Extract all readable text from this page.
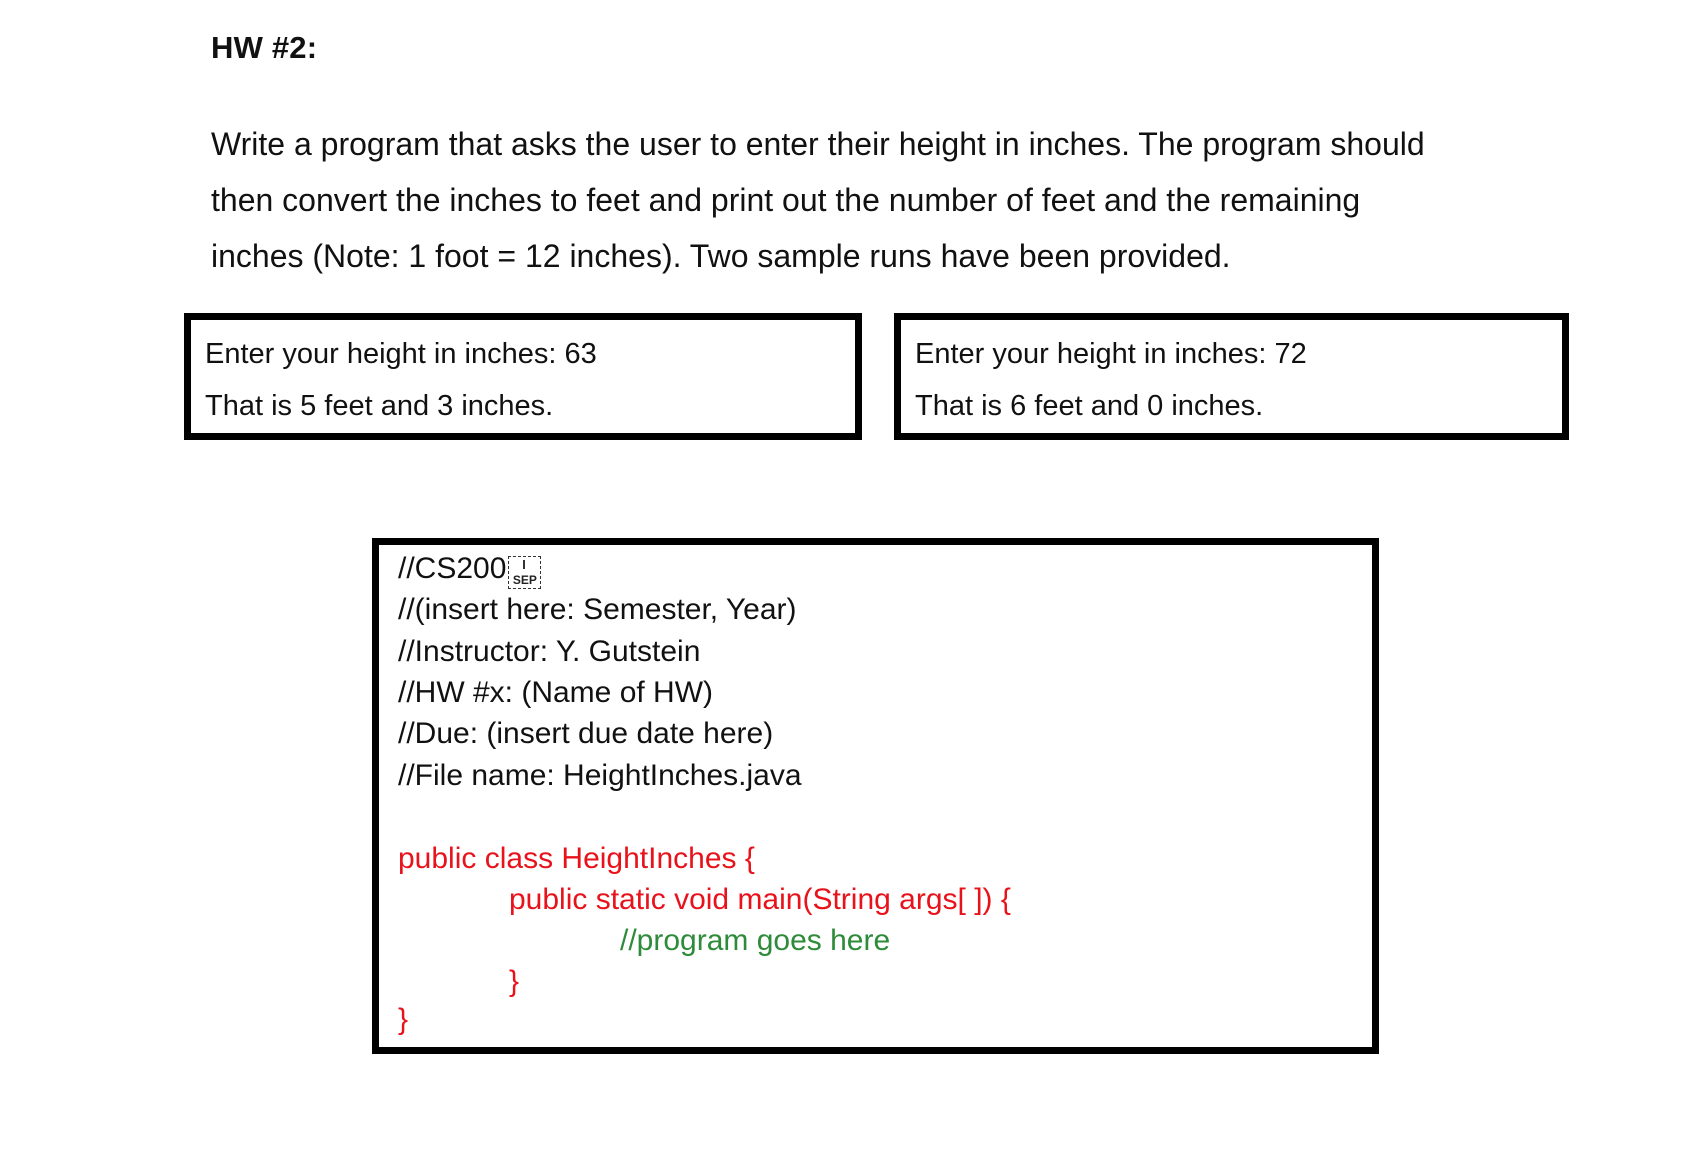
HW #2:

Write a program that asks the user to enter their height in inches. The program should
then convert the inches to feet and print out the number of feet and the remaining
inches (Note: 1 foot = 12 inches). Two sample runs have been provided.

Enter your height in inches: 63
That is 5 feet and 3 inches.
Enter your height in inches: 72
That is 6 feet and 0 inches.
//CS200 SEP
//(insert here: Semester, Year)
//Instructor: Y. Gutstein
//HW #x: (Name of HW)
//Due: (insert due date here)
//File name: HeightInches.java
public class HeightInches {
public static void main(String args[ ]) {
//program goes here
}
}
